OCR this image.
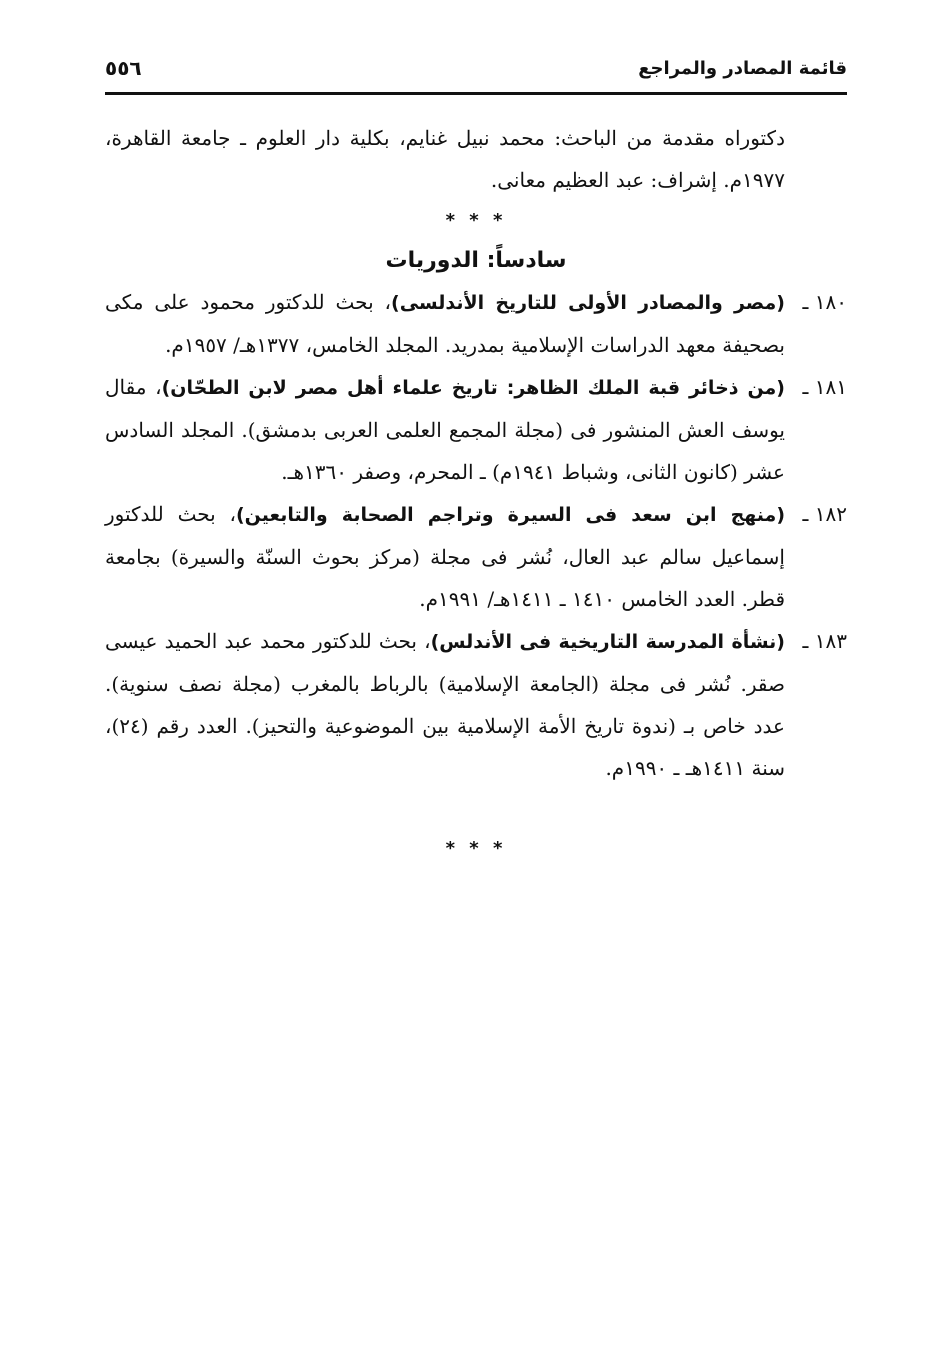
قائمة المصادر والمراجع
٥٥٦

دكتوراه مقدمة من الباحث: محمد نبيل غنايم، بكلية دار العلوم ـ جامعة القاهرة، ١٩٧٧م. إشراف: عبد العظيم معانى.

* * *
سادساً: الدوريات

١٨٠ ـ
(مصر والمصادر الأولى للتاريخ الأندلسى)، بحث للدكتور محمود على مكى بصحيفة معهد الدراسات الإسلامية بمدريد. المجلد الخامس، ١٣٧٧هـ/ ١٩٥٧م.

١٨١ ـ
(من ذخائر قبة الملك الظاهر: تاريخ علماء أهل مصر لابن الطحّان)، مقال يوسف العش المنشور فى (مجلة المجمع العلمى العربى بدمشق). المجلد السادس عشر (كانون الثانى، وشباط ١٩٤١م) ـ المحرم، وصفر ١٣٦٠هـ.

١٨٢ ـ
(منهج ابن سعد فى السيرة وتراجم الصحابة والتابعين)، بحث للدكتور إسماعيل سالم عبد العال، نُشر فى مجلة (مركز بحوث السنّة والسيرة) بجامعة قطر. العدد الخامس ١٤١٠ ـ ١٤١١هـ/ ١٩٩١م.

١٨٣ ـ
(نشأة المدرسة التاريخية فى الأندلس)، بحث للدكتور محمد عبد الحميد عيسى صقر. نُشر فى مجلة (الجامعة الإسلامية) بالرباط بالمغرب (مجلة نصف سنوية). عدد خاص بـ (ندوة تاريخ الأمة الإسلامية بين الموضوعية والتحيز). العدد رقم (٢٤)، سنة ١٤١١هـ ـ ١٩٩٠م.

* * *
